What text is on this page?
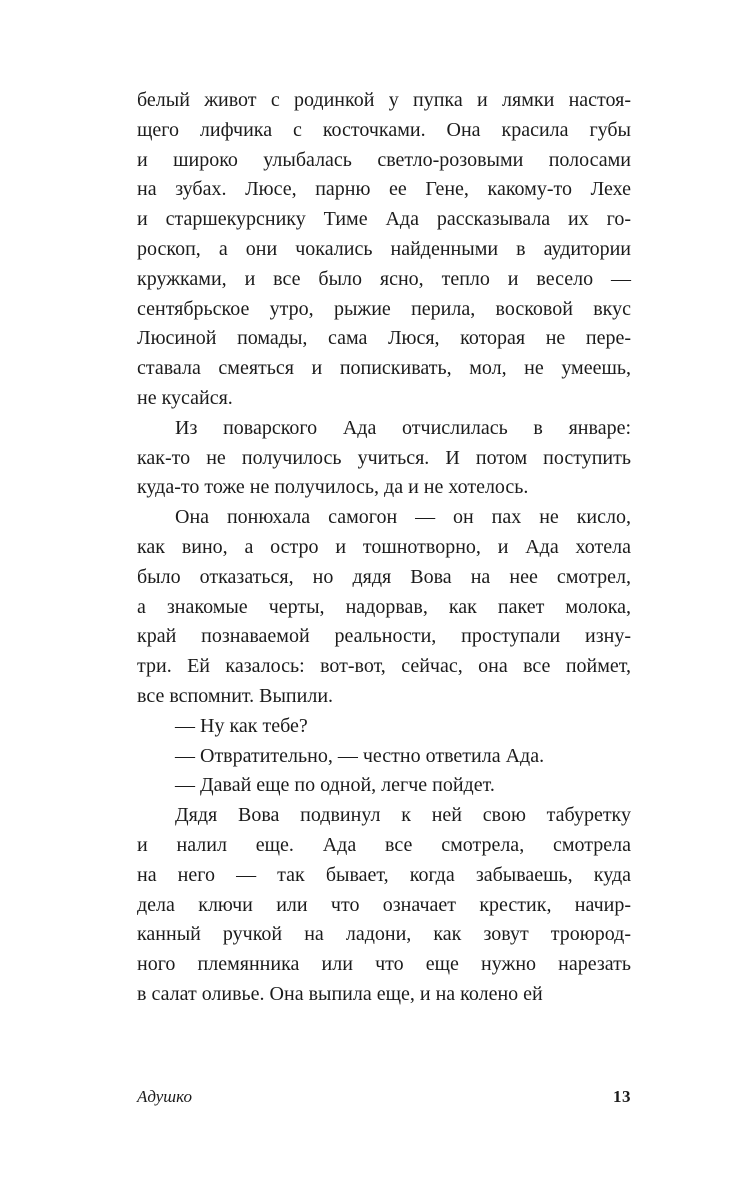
белый живот с родинкой у пупка и лямки настоя-
щего лифчика с косточками. Она красила губы
и широко улыбалась светло-розовыми полосами
на зубах. Люсе, парню ее Гене, какому-то Лехе
и старшекурснику Тиме Ада рассказывала их го-
роскоп, а они чокались найденными в аудитории
кружками, и все было ясно, тепло и весело —
сентябрьское утро, рыжие перила, восковой вкус
Люсиной помады, сама Люся, которая не пере-
ставала смеяться и попискивать, мол, не умеешь,
не кусайся.
Из поварского Ада отчислилась в январе:
как-то не получилось учиться. И потом поступить
куда-то тоже не получилось, да и не хотелось.
Она понюхала самогон — он пах не кисло,
как вино, а остро и тошнотворно, и Ада хотела
было отказаться, но дядя Вова на нее смотрел,
а знакомые черты, надорвав, как пакет молока,
край познаваемой реальности, проступали изну-
три. Ей казалось: вот-вот, сейчас, она все поймет,
все вспомнит. Выпили.
— Ну как тебе?
— Отвратительно, — честно ответила Ада.
— Давай еще по одной, легче пойдет.
Дядя Вова подвинул к ней свою табуретку
и налил еще. Ада все смотрела, смотрела
на него — так бывает, когда забываешь, куда
дела ключи или что означает крестик, начир-
канный ручкой на ладони, как зовут троюрод-
ного племянника или что еще нужно нарезать
в салат оливье. Она выпила еще, и на колено ей
Адушко	13
